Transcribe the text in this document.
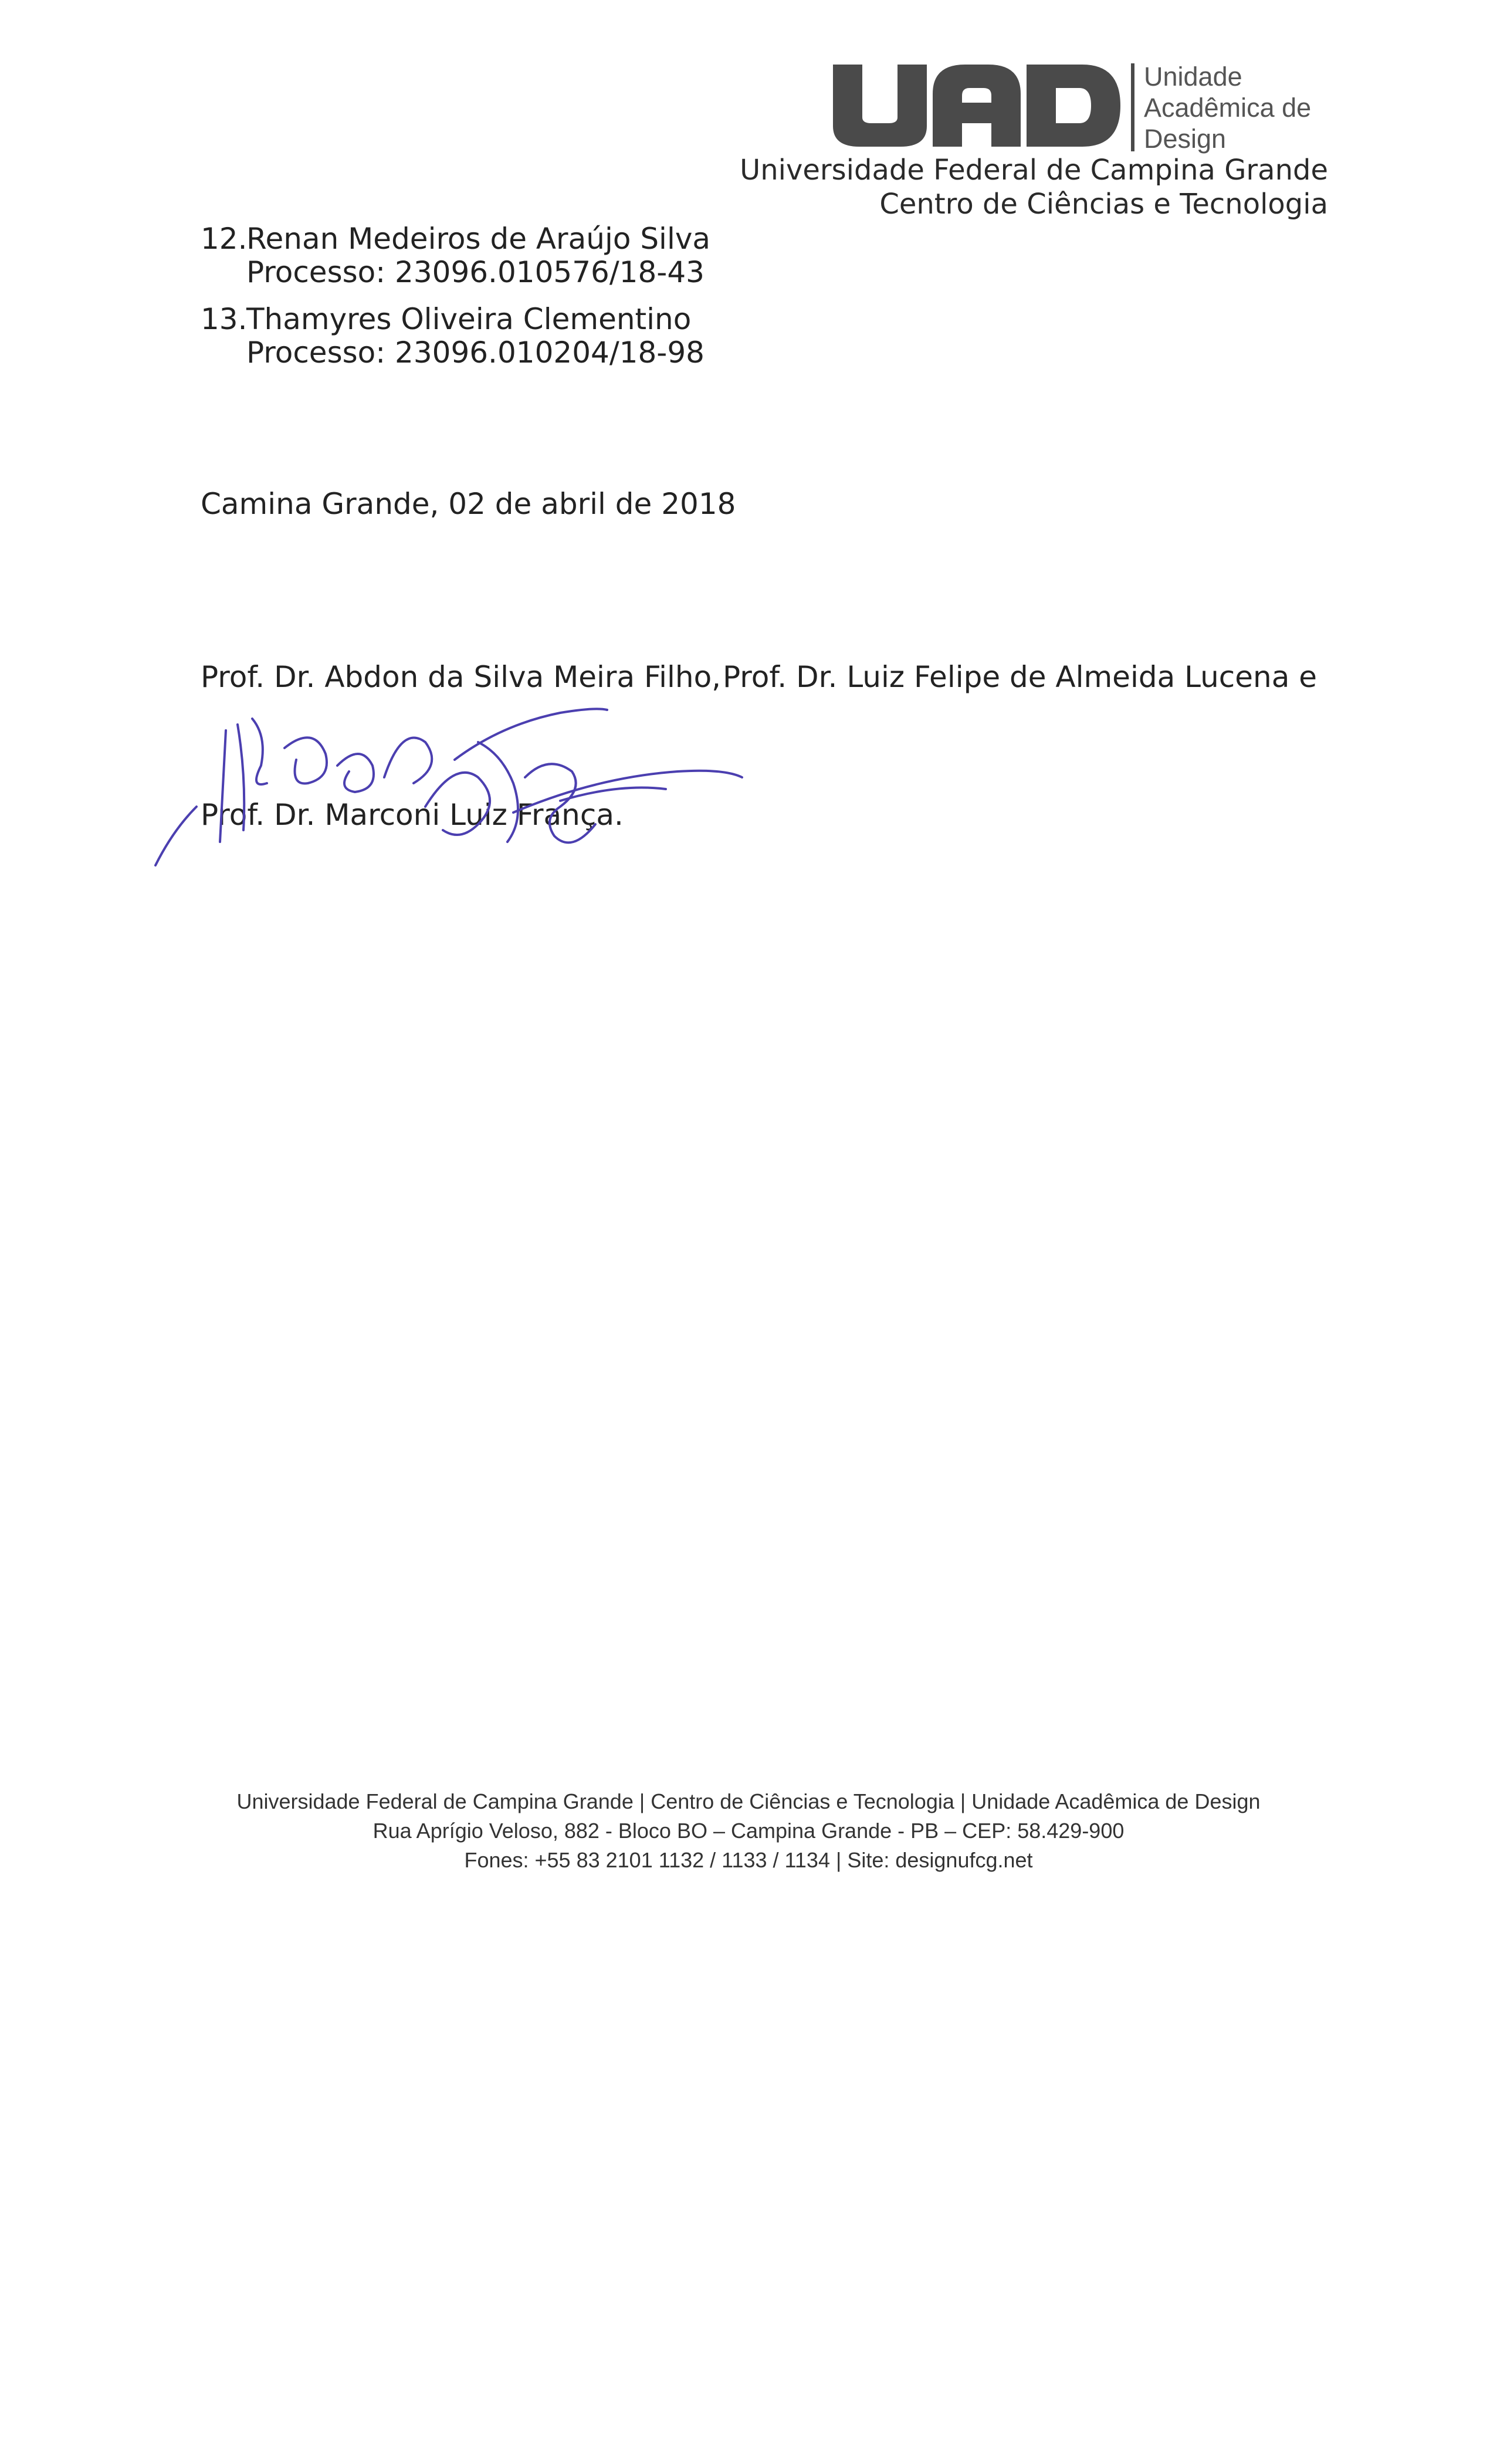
Unidade
Acadêmica de
Design
Universidade Federal de Campina Grande
Centro de Ciências e Tecnologia
12.
Renan Medeiros de Araújo Silva
Processo: 23096.010576/18-43
13.
Thamyres Oliveira Clementino
Processo: 23096.010204/18-98
Camina Grande, 02 de abril de 2018
Prof. Dr. Abdon da Silva Meira Filho, Prof. Dr. Luiz Felipe de Almeida Lucena e
Prof. Dr. Marconi Luiz França.
Universidade Federal de Campina Grande | Centro de Ciências e Tecnologia | Unidade Acadêmica de Design
Rua Aprígio Veloso, 882 - Bloco BO – Campina Grande - PB – CEP: 58.429-900
Fones: +55 83 2101 1132 / 1133 / 1134 | Site: designufcg.net
